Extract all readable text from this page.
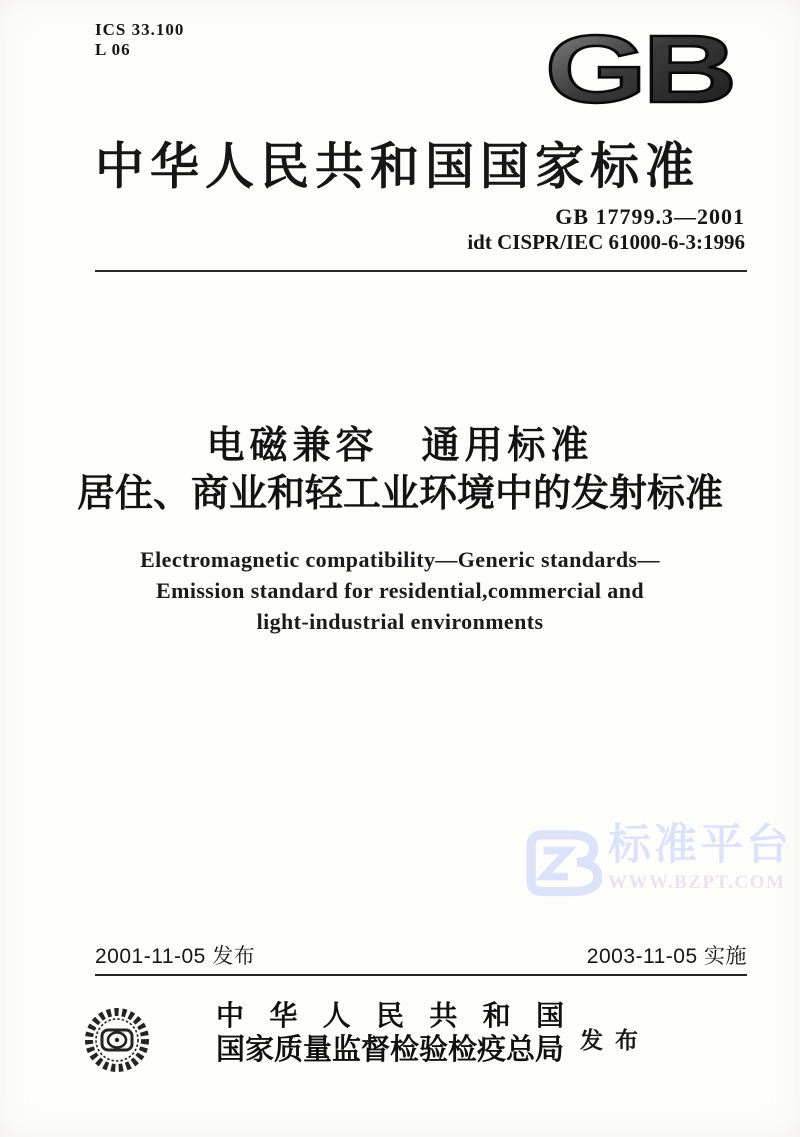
ICS 33.100
L 06	GB
中华人民共和国国家标准
GB 17799.3—2001
idt CISPR/IEC 61000-6-3:1996
电磁兼容　通用标准
居住、商业和轻工业环境中的发射标准
Electromagnetic compatibility—Generic standards—
Emission standard for residential,commercial and
light-industrial environments
标准平台
WWW.BZPT.COM
2001-11-05 发布	2003-11-05 实施
中 华 人 民 共 和 国
国家质量监督检验检疫总局 发布
